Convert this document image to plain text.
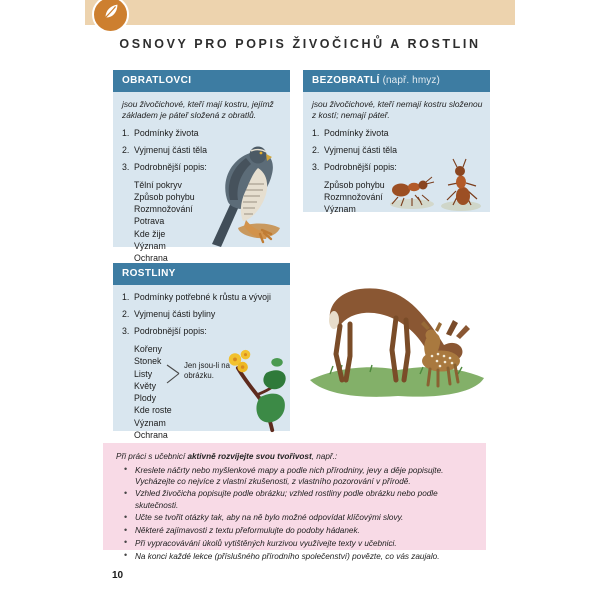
OSNOVY PRO POPIS ŽIVOČICHŮ A ROSTLIN
OBRATLOVCI
jsou živočichové, kteří mají kostru, jejímž základem je páteř složená z obratlů.
1. Podmínky života
2. Vyjmenuj části těla
3. Podrobnější popis:
Tělní pokryv
Způsob pohybu
Rozmnožování
Potrava
Kde žije
Význam
Ochrana
BEZOBRATLÍ (např. hmyz)
jsou živočichové, kteří nemají kostru složenou z kostí; nemají páteř.
1. Podmínky života
2. Vyjmenuj části těla
3. Podrobnější popis:
Způsob pohybu
Rozmnožování
Význam
ROSTLINY
1. Podmínky potřebné k růstu a vývoji
2. Vyjmenuj části byliny
3. Podrobnější popis:
Kořeny
Stonek
Listy
Květy
Plody
Kde roste
Význam
Ochrana
Jen jsou-li na obrázku.
Při práci s učebnicí aktivně rozvíjejte svou tvořivost, např.:
• Kreslete náčrty nebo myšlenkové mapy a podle nich přírodniny, jevy a děje popisujte. Vycházejte co nejvíce z vlastní zkušenosti, z vlastního pozorování v přírodě.
• Vzhled živočicha popisujte podle obrázku; vzhled rostliny podle obrázku nebo podle skutečnosti.
• Učte se tvořit otázky tak, aby na ně bylo možné odpovídat klíčovými slovy.
• Některé zajímavosti z textu přeformulujte do podoby hádanek.
• Při vypracovávání úkolů vytištěných kurzivou využívejte texty v učebnici.
• Na konci každé lekce (příslušného přírodního společenství) povězte, co vás zaujalo.
10
